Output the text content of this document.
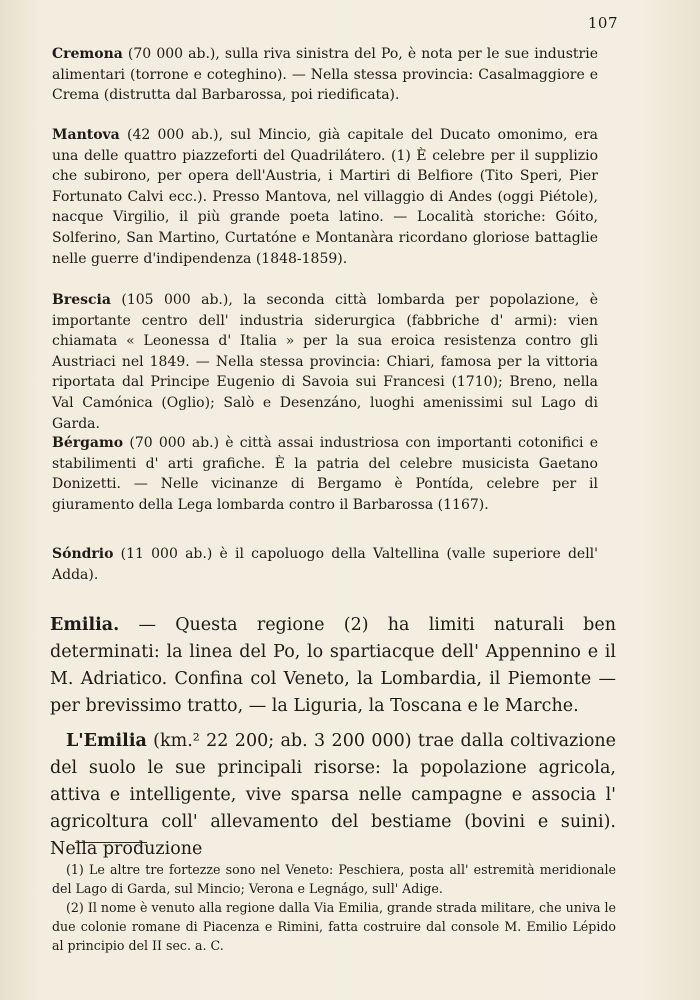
107
Cremona (70 000 ab.), sulla riva sinistra del Po, è nota per le sue industrie alimentari (torrone e coteghino). — Nella stessa provincia: Casalmaggiore e Crema (distrutta dal Barbarossa, poi riedificata).
Mantova (42 000 ab.), sul Mincio, già capitale del Ducato omonimo, era una delle quattro piazzeforti del Quadrilátero. (1) È celebre per il supplizio che subirono, per opera dell'Austria, i Martiri di Belfiore (Tito Speri, Pier Fortunato Calvi ecc.). Presso Mantova, nel villaggio di Andes (oggi Piétole), nacque Virgilio, il più grande poeta latino. — Località storiche: Góito, Solferino, San Martino, Curtatóne e Montanàra ricordano gloriose battaglie nelle guerre d'indipendenza (1848-1859).
Brescia (105 000 ab.), la seconda città lombarda per popolazione, è importante centro dell' industria siderurgica (fabbriche d' armi): vien chiamata « Leonessa d' Italia » per la sua eroica resistenza contro gli Austriaci nel 1849. — Nella stessa provincia: Chiari, famosa per la vittoria riportata dal Principe Eugenio di Savoia sui Francesi (1710); Breno, nella Val Camónica (Oglio); Salò e Desenzáno, luoghi amenissimi sul Lago di Garda.
Bérgamo (70 000 ab.) è città assai industriosa con importanti cotonifici e stabilimenti d' arti grafiche. È la patria del celebre musicista Gaetano Donizetti. — Nelle vicinanze di Bergamo è Pontída, celebre per il giuramento della Lega lombarda contro il Barbarossa (1167).
Sóndrio (11 000 ab.) è il capoluogo della Valtellina (valle superiore dell' Adda).

Emilia. — Questa regione (2) ha limiti naturali ben determinati: la linea del Po, lo spartiacque dell' Appennino e il M. Adriatico. Confina col Veneto, la Lombardia, il Piemonte — per brevissimo tratto, — la Liguria, la Toscana e le Marche.

L'Emilia (km.² 22 200; ab. 3 200 000) trae dalla coltivazione del suolo le sue principali risorse: la popolazione agricola, attiva e intelligente, vive sparsa nelle campagne e associa l' agricoltura coll' allevamento del bestiame (bovini e suini). Nella produzione

(1) Le altre tre fortezze sono nel Veneto: Peschiera, posta all' estremità meridionale del Lago di Garda, sul Mincio; Verona e Legnágo, sull' Adige.

(2) Il nome è venuto alla regione dalla Via Emilia, grande strada militare, che univa le due colonie romane di Piacenza e Rimini, fatta costruire dal console M. Emilio Lépido al principio del II sec. a. C.
